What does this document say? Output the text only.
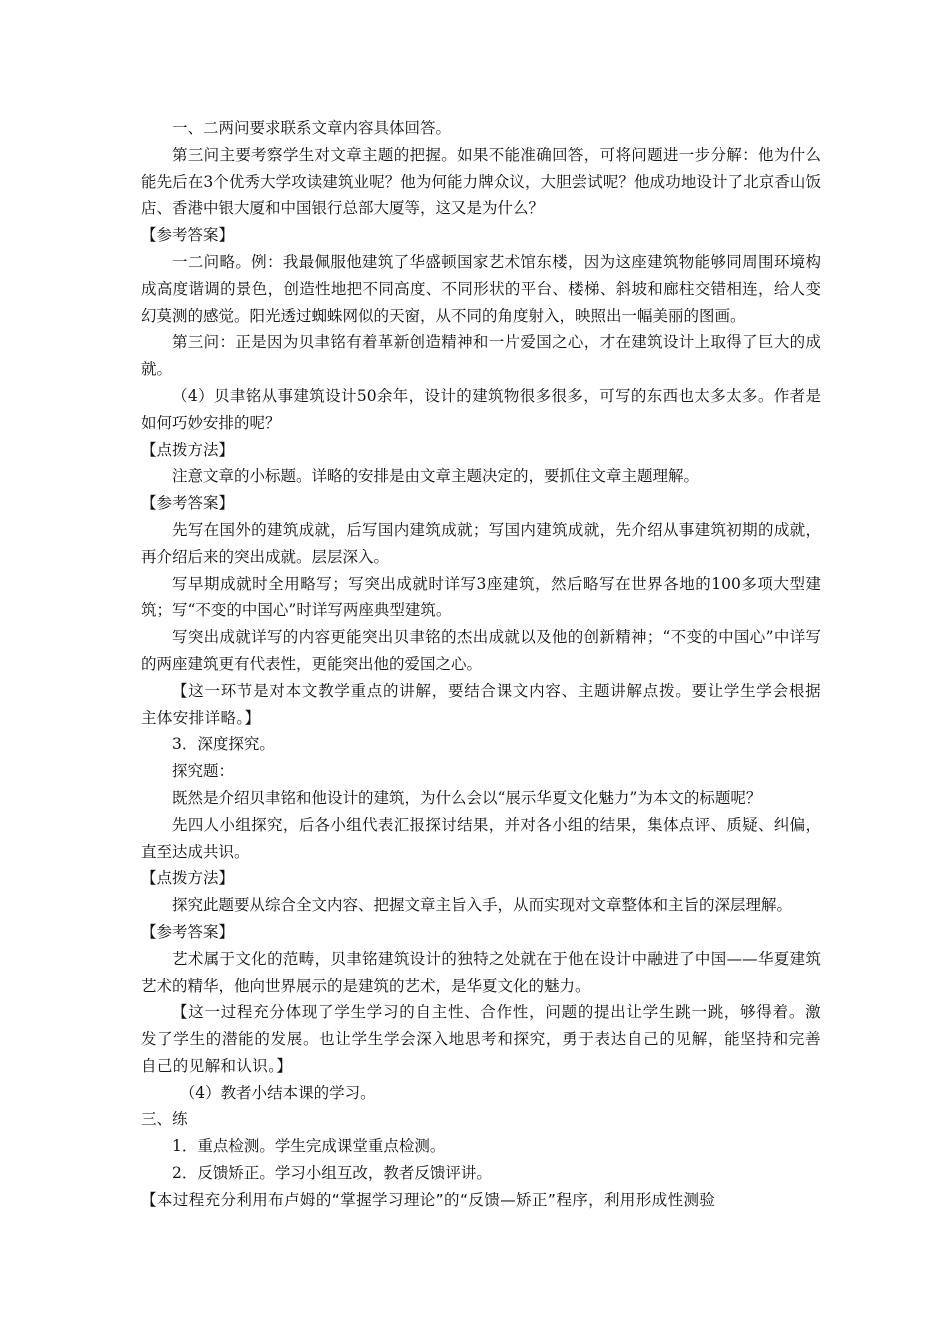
一、二两问要求联系文章内容具体回答。

第三问主要考察学生对文章主题的把握。如果不能准确回答，可将问题进一步分解：他为什么能先后在3个优秀大学攻读建筑业呢？他为何能力牌众议，大胆尝试呢？他成功地设计了北京香山饭店、香港中银大厦和中国银行总部大厦等，这又是为什么？

【参考答案】

一二问略。例：我最佩服他建筑了华盛顿国家艺术馆东楼，因为这座建筑物能够同周围环境构成高度谐调的景色，创造性地把不同高度、不同形状的平台、楼梯、斜坡和廊柱交错相连，给人变幻莫测的感觉。阳光透过蜘蛛网似的天窗，从不同的角度射入，映照出一幅美丽的图画。

第三问：正是因为贝聿铭有着革新创造精神和一片爱国之心，才在建筑设计上取得了巨大的成就。

（4）贝聿铭从事建筑设计50余年，设计的建筑物很多很多，可写的东西也太多太多。作者是如何巧妙安排的呢？

【点拨方法】

注意文章的小标题。详略的安排是由文章主题决定的，要抓住文章主题理解。

【参考答案】

先写在国外的建筑成就，后写国内建筑成就；写国内建筑成就，先介绍从事建筑初期的成就，再介绍后来的突出成就。层层深入。

写早期成就时全用略写；写突出成就时详写3座建筑，然后略写在世界各地的100多项大型建筑；写“不变的中国心”时详写两座典型建筑。

写突出成就详写的内容更能突出贝聿铭的杰出成就以及他的创新精神；“不变的中国心”中详写的两座建筑更有代表性，更能突出他的爱国之心。

【这一环节是对本文教学重点的讲解，要结合课文内容、主题讲解点拨。要让学生学会根据主体安排详略。】

3．深度探究。

探究题：

既然是介绍贝聿铭和他设计的建筑，为什么会以“展示华夏文化魅力”为本文的标题呢？

先四人小组探究，后各小组代表汇报探讨结果，并对各小组的结果，集体点评、质疑、纠偏，直至达成共识。

【点拨方法】

探究此题要从综合全文内容、把握文章主旨入手，从而实现对文章整体和主旨的深层理解。

【参考答案】

艺术属于文化的范畴，贝聿铭建筑设计的独特之处就在于他在设计中融进了中国——华夏建筑艺术的精华，他向世界展示的是建筑的艺术，是华夏文化的魅力。

【这一过程充分体现了学生学习的自主性、合作性，问题的提出让学生跳一跳，够得着。激发了学生的潜能的发展。也让学生学会深入地思考和探究，勇于表达自己的见解，能坚持和完善自己的见解和认识。】

（4）教者小结本课的学习。

三、练

1．重点检测。学生完成课堂重点检测。

2．反馈矫正。学习小组互改，教者反馈评讲。

【本过程充分利用布卢姆的“掌握学习理论”的“反馈—矫正”程序，利用形成性测验
